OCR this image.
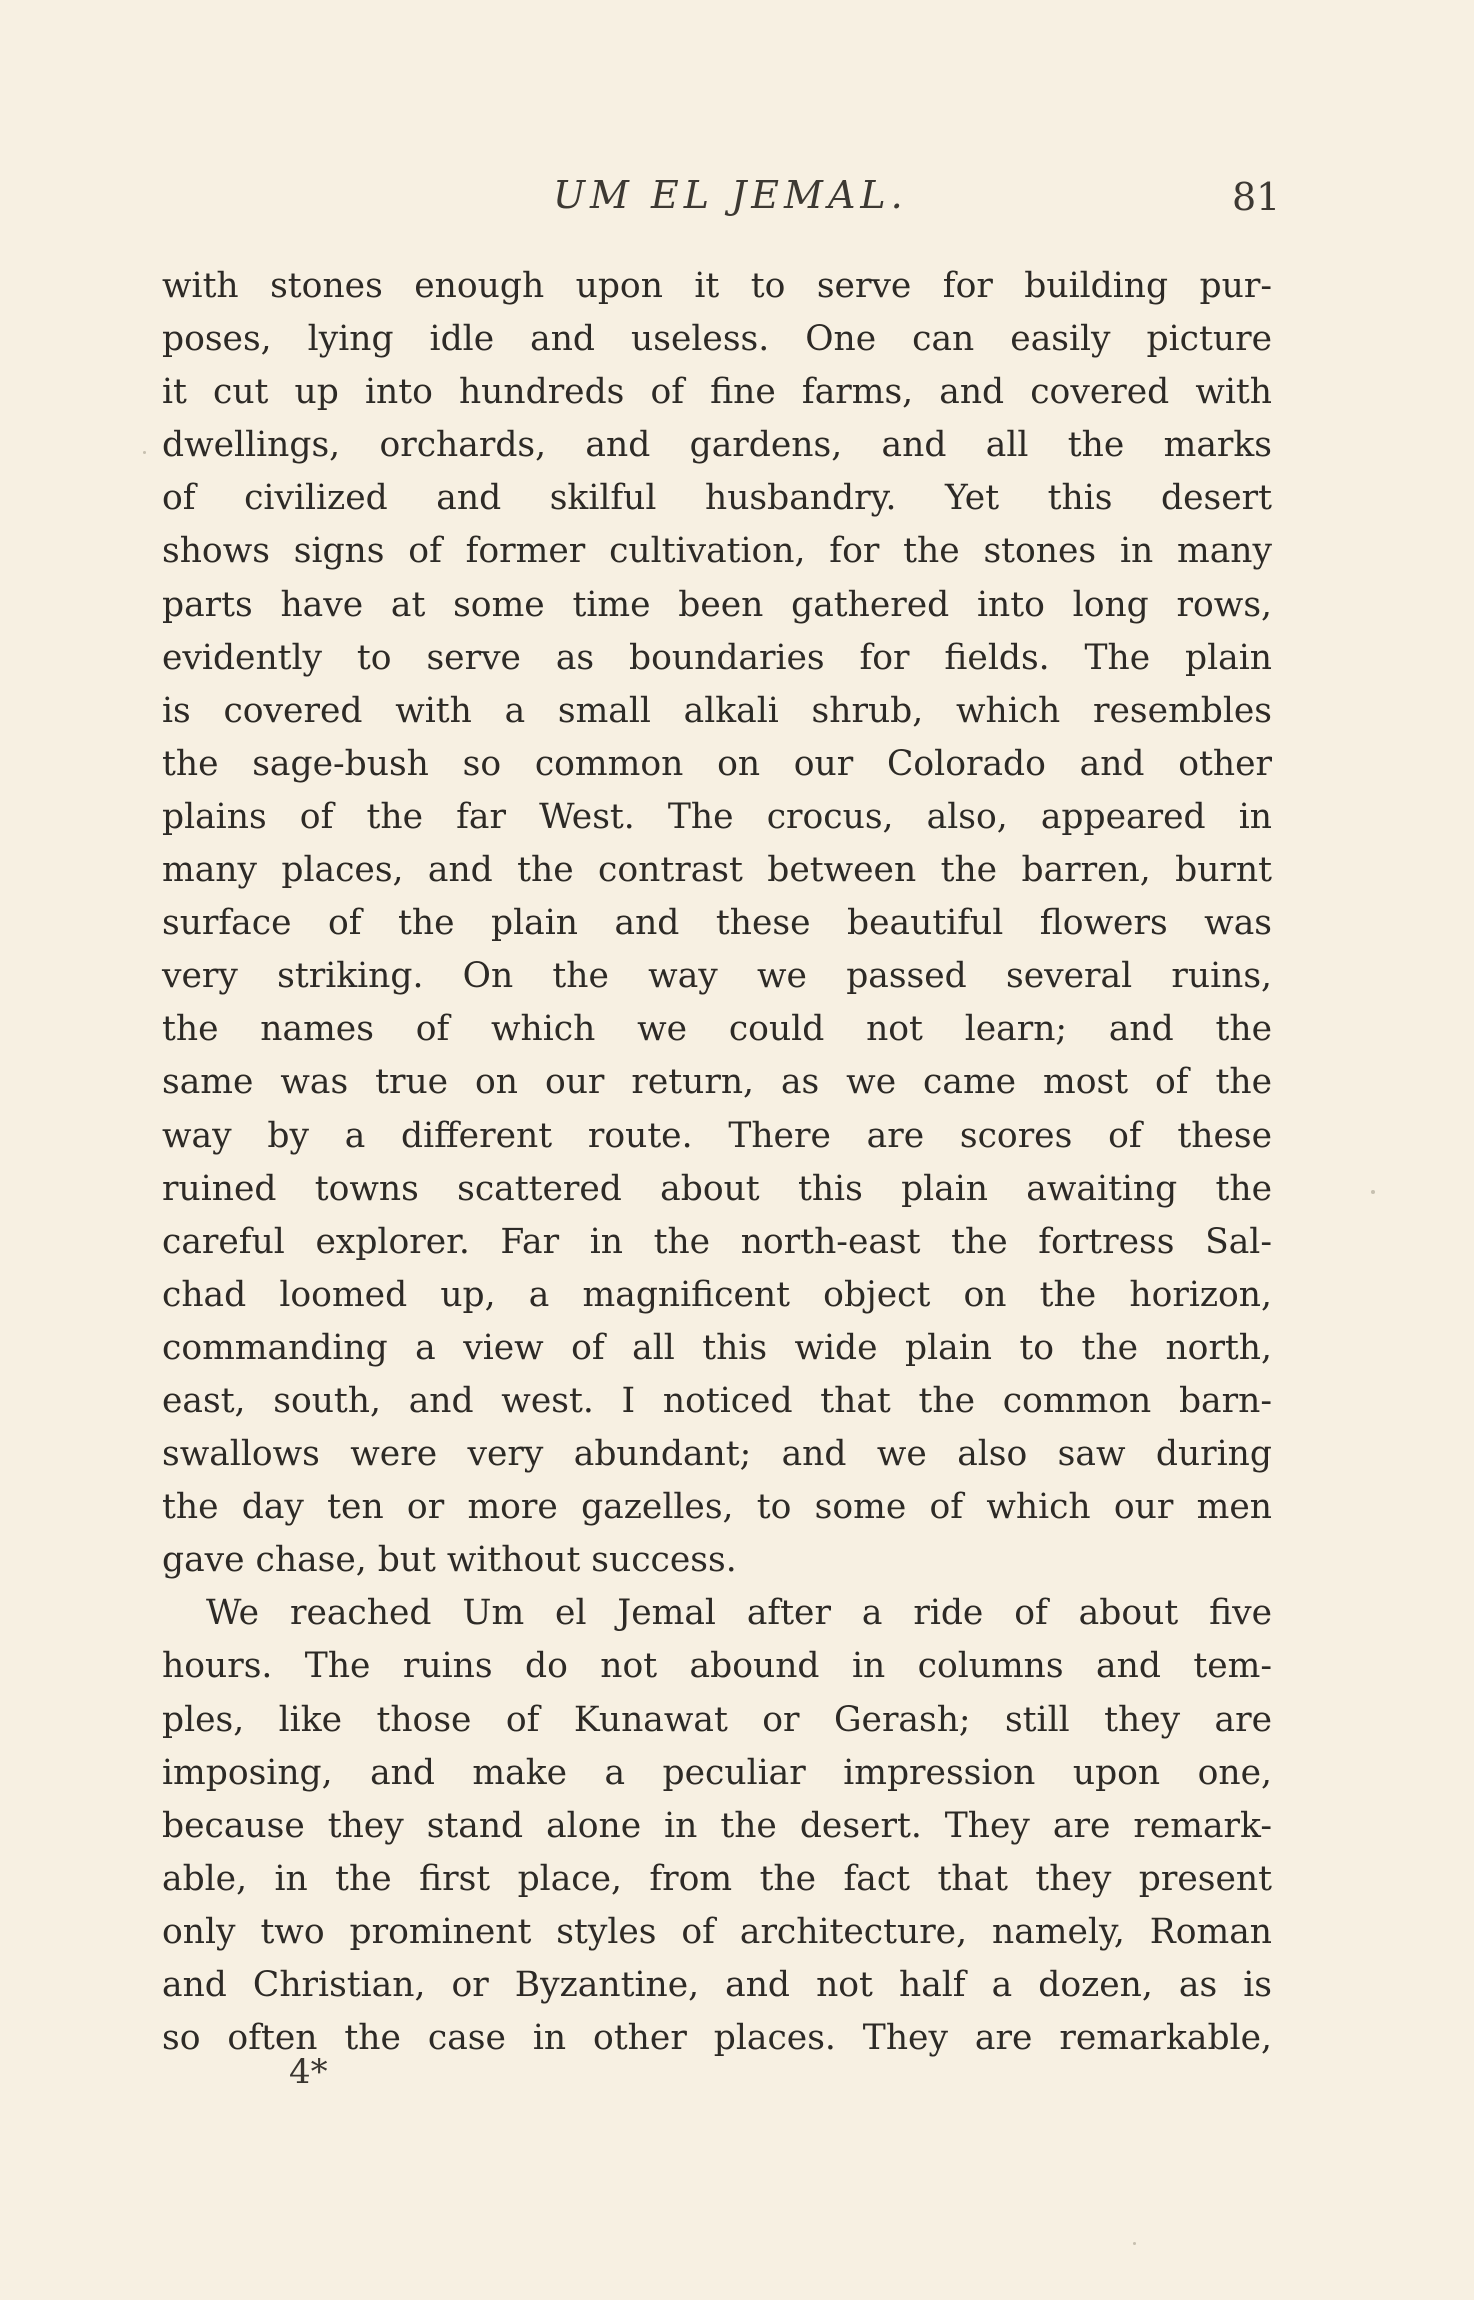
UM EL JEMAL.	81
with stones enough upon it to serve for building pur-
poses, lying idle and useless. One can easily picture
it cut up into hundreds of fine farms, and covered with
dwellings, orchards, and gardens, and all the marks
of civilized and skilful husbandry. Yet this desert
shows signs of former cultivation, for the stones in many
parts have at some time been gathered into long rows,
evidently to serve as boundaries for fields. The plain
is covered with a small alkali shrub, which resembles
the sage-bush so common on our Colorado and other
plains of the far West. The crocus, also, appeared in
many places, and the contrast between the barren, burnt
surface of the plain and these beautiful flowers was
very striking. On the way we passed several ruins,
the names of which we could not learn; and the
same was true on our return, as we came most of the
way by a different route. There are scores of these
ruined towns scattered about this plain awaiting the
careful explorer. Far in the north-east the fortress Sal-
chad loomed up, a magnificent object on the horizon,
commanding a view of all this wide plain to the north,
east, south, and west. I noticed that the common barn-
swallows were very abundant; and we also saw during
the day ten or more gazelles, to some of which our men
gave chase, but without success.
We reached Um el Jemal after a ride of about five
hours. The ruins do not abound in columns and tem-
ples, like those of Kunawat or Gerash; still they are
imposing, and make a peculiar impression upon one,
because they stand alone in the desert. They are remark-
able, in the first place, from the fact that they present
only two prominent styles of architecture, namely, Roman
and Christian, or Byzantine, and not half a dozen, as is
so often the case in other places. They are remarkable,
4*
